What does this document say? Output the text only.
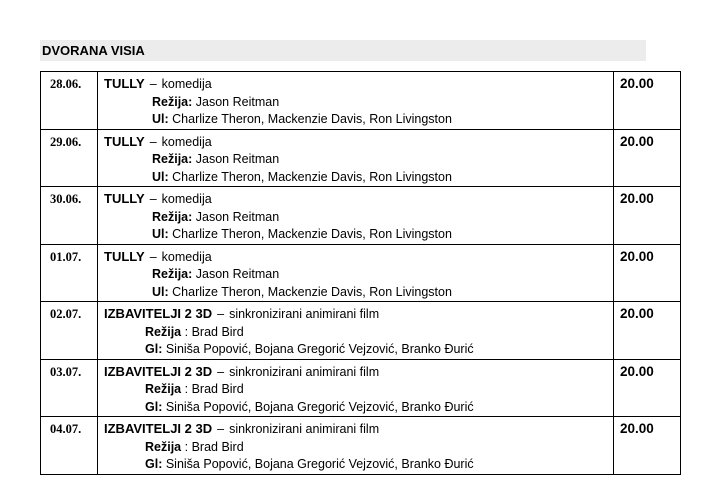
DVORANA VISIA
28.06.	TULLY – komedija
Režija: Jason Reitman
Ul: Charlize Theron, Mackenzie Davis, Ron Livingston	20.00
29.06.	TULLY – komedija
Režija: Jason Reitman
Ul: Charlize Theron, Mackenzie Davis, Ron Livingston	20.00
30.06.	TULLY – komedija
Režija: Jason Reitman
Ul: Charlize Theron, Mackenzie Davis, Ron Livingston	20.00
01.07.	TULLY – komedija
Režija: Jason Reitman
Ul: Charlize Theron, Mackenzie Davis, Ron Livingston	20.00
02.07.	IZBAVITELJI 2 3D – sinkronizirani animirani film
Režija : Brad Bird
Gl: Siniša Popović, Bojana Gregorić Vejzović, Branko Đurić	20.00
03.07.	IZBAVITELJI 2 3D – sinkronizirani animirani film
Režija : Brad Bird
Gl: Siniša Popović, Bojana Gregorić Vejzović, Branko Đurić	20.00
04.07.	IZBAVITELJI 2 3D – sinkronizirani animirani film
Režija : Brad Bird
Gl: Siniša Popović, Bojana Gregorić Vejzović, Branko Đurić	20.00
